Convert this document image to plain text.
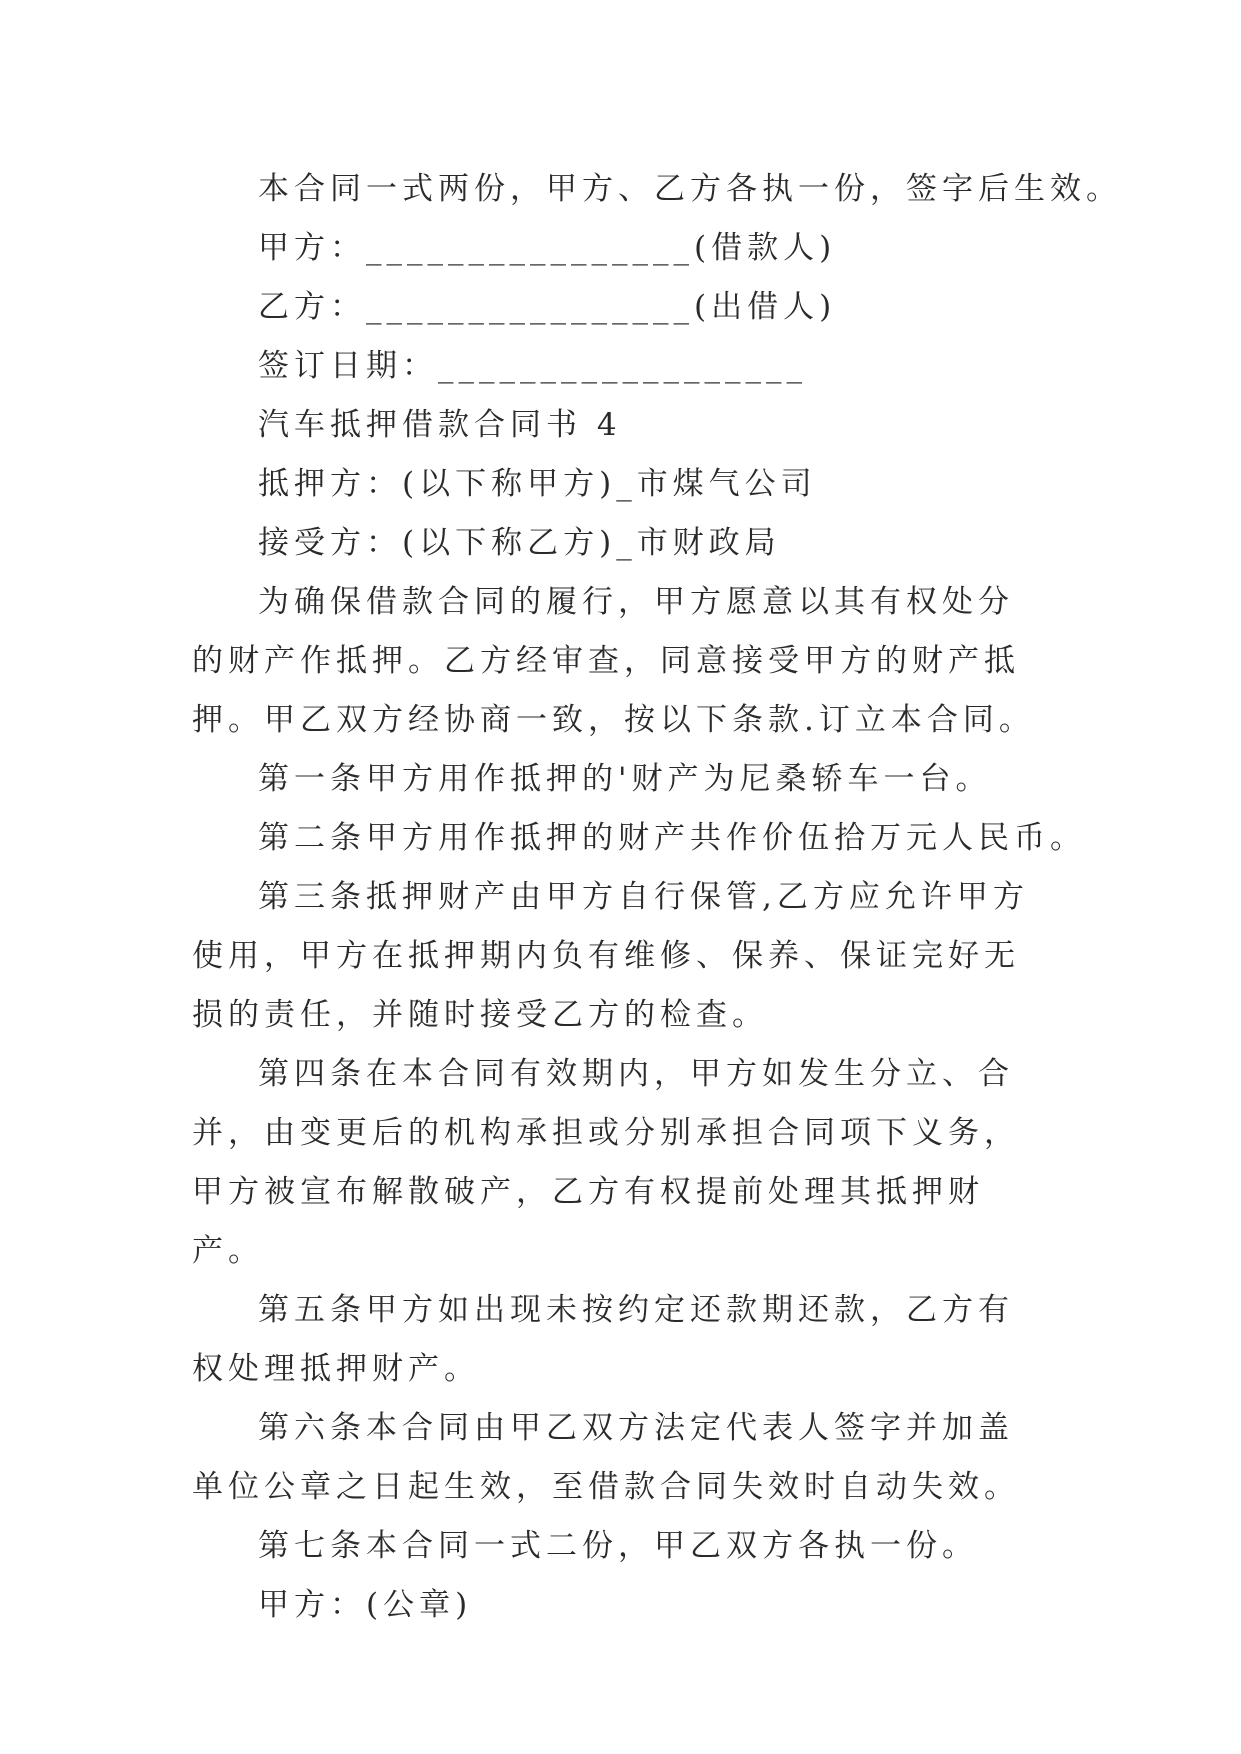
本合同一式两份，甲方、乙方各执一份，签字后生效。

甲方：________________(借款人)

乙方：________________(出借人)

签订日期：__________________

汽车抵押借款合同书 4

抵押方：(以下称甲方)_市煤气公司

接受方：(以下称乙方)_市财政局

为确保借款合同的履行，甲方愿意以其有权处分的财产作抵押。乙方经审查，同意接受甲方的财产抵押。甲乙双方经协商一致，按以下条款.订立本合同。

第一条甲方用作抵押的'财产为尼桑轿车一台。

第二条甲方用作抵押的财产共作价伍拾万元人民币。

第三条抵押财产由甲方自行保管,乙方应允许甲方使用，甲方在抵押期内负有维修、保养、保证完好无损的责任，并随时接受乙方的检查。

第四条在本合同有效期内，甲方如发生分立、合并，由变更后的机构承担或分别承担合同项下义务，甲方被宣布解散破产，乙方有权提前处理其抵押财产。

第五条甲方如出现未按约定还款期还款，乙方有权处理抵押财产。

第六条本合同由甲乙双方法定代表人签字并加盖单位公章之日起生效，至借款合同失效时自动失效。

第七条本合同一式二份，甲乙双方各执一份。

甲方：(公章)
